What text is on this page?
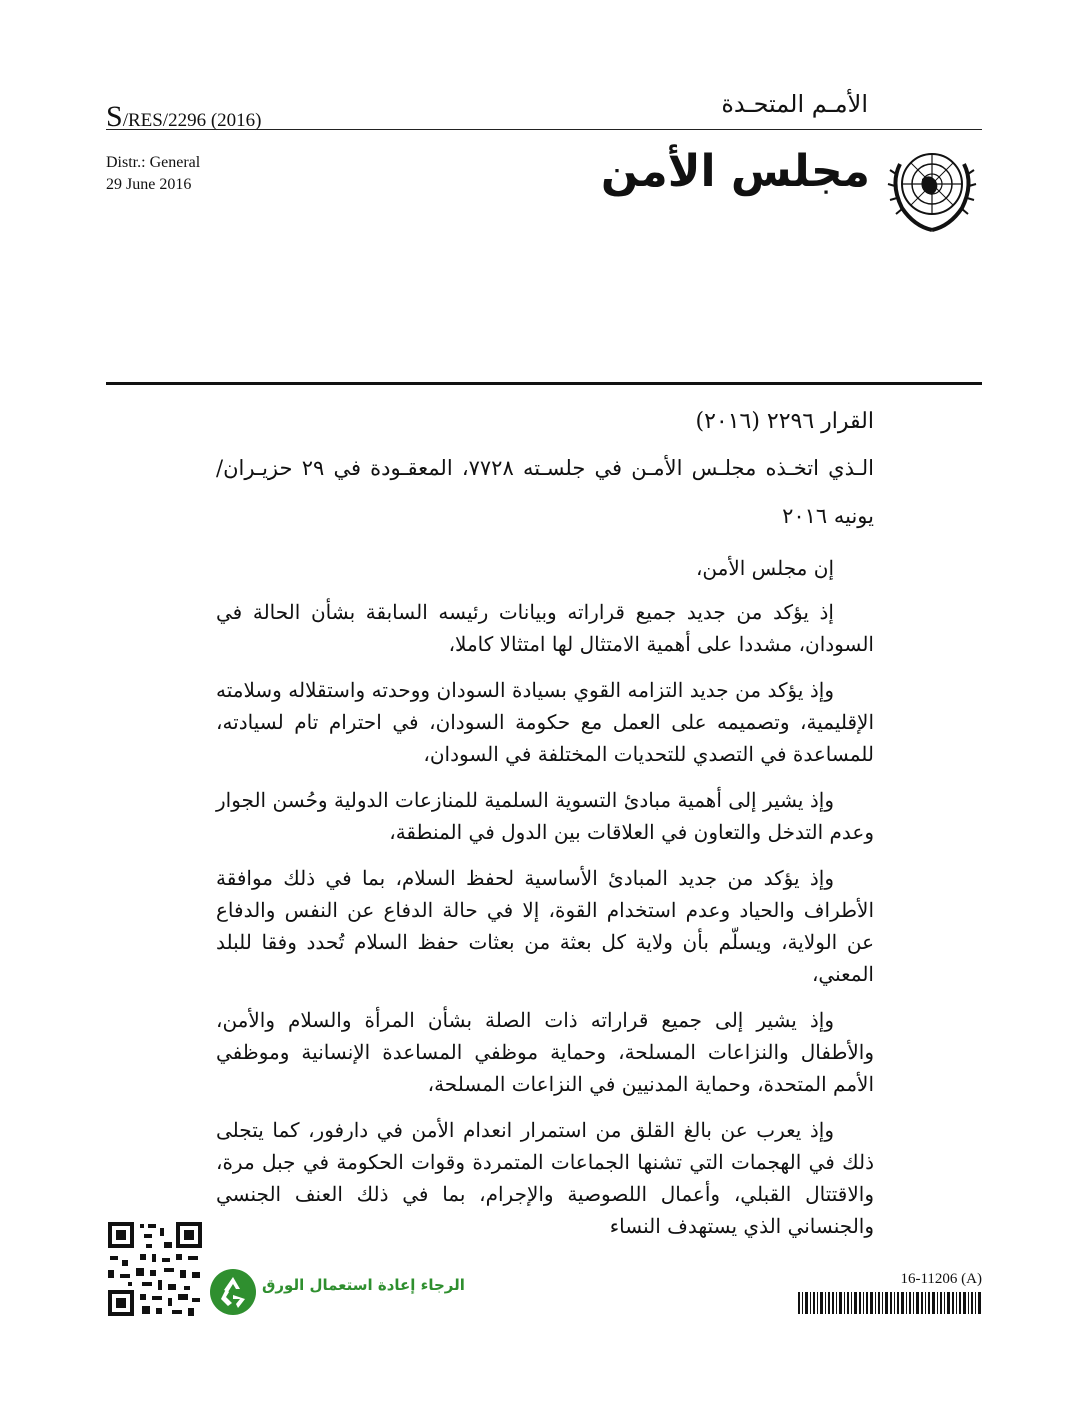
S/RES/2296 (2016)
الأمـم المتحـدة
Distr.: General
29 June 2016	مجلس الأمن
القرار ٢٢٩٦ (٢٠١٦)
الـذي اتخـذه مجلـس الأمـن في جلسـته ٧٧٢٨، المعقـودة في ٢٩ حزيـران/ يونيه ٢٠١٦

إن مجلس الأمن،

إذ يؤكد من جديد جميع قراراته وبيانات رئيسه السابقة بشأن الحالة في السودان، مشددا على أهمية الامتثال لها امتثالا كاملا،

وإذ يؤكد من جديد التزامه القوي بسيادة السودان ووحدته واستقلاله وسلامته الإقليمية، وتصميمه على العمل مع حكومة السودان، في احترام تام لسيادته، للمساعدة في التصدي للتحديات المختلفة في السودان،

وإذ يشير إلى أهمية مبادئ التسوية السلمية للمنازعات الدولية وحُسن الجوار وعدم التدخل والتعاون في العلاقات بين الدول في المنطقة،

وإذ يؤكد من جديد المبادئ الأساسية لحفظ السلام، بما في ذلك موافقة الأطراف والحياد وعدم استخدام القوة، إلا في حالة الدفاع عن النفس والدفاع عن الولاية، ويسلّم بأن ولاية كل بعثة من بعثات حفظ السلام تُحدد وفقا للبلد المعني،

وإذ يشير إلى جميع قراراته ذات الصلة بشأن المرأة والسلام والأمن، والأطفال والنزاعات المسلحة، وحماية موظفي المساعدة الإنسانية وموظفي الأمم المتحدة، وحماية المدنيين في النزاعات المسلحة،

وإذ يعرب عن بالغ القلق من استمرار انعدام الأمن في دارفور، كما يتجلى ذلك في الهجمات التي تشنها الجماعات المتمردة وقوات الحكومة في جبل مرة، والاقتتال القبلي، وأعمال اللصوصية والإجرام، بما في ذلك العنف الجنسي والجنساني الذي يستهدف النساء

الرجاء إعادة استعمال الورق	16-11206 (A)
